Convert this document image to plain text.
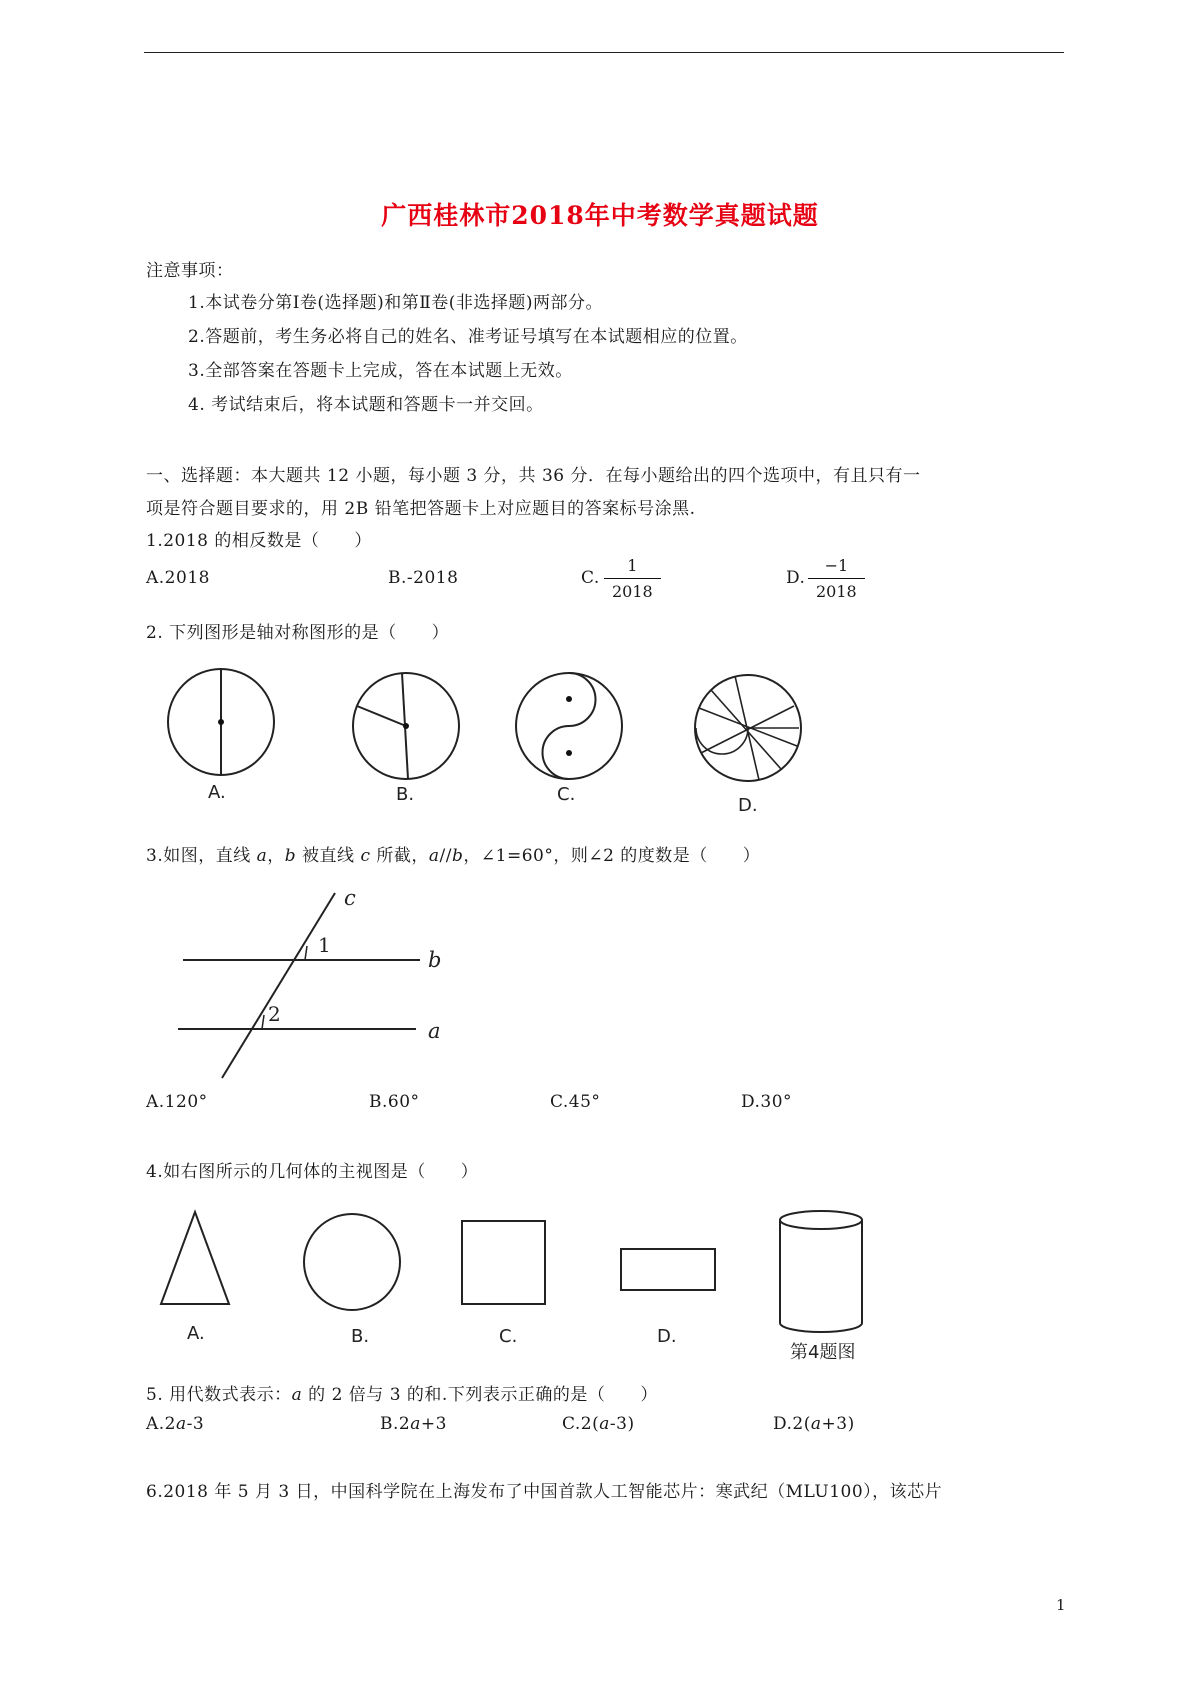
广西桂林市2018年中考数学真题试题
注意事项：
1.本试卷分第Ⅰ卷(选择题)和第Ⅱ卷(非选择题)两部分。
2.答题前，考生务必将自己的姓名、准考证号填写在本试题相应的位置。
3.全部答案在答题卡上完成，答在本试题上无效。
4. 考试结束后，将本试题和答题卡一并交回。
一、选择题：本大题共 12 小题，每小题 3 分，共 36 分．在每小题给出的四个选项中，有且只有一
项是符合题目要求的，用 2B 铅笔把答题卡上对应题目的答案标号涂黑.
1.2018 的相反数是（　　）
A.2018	B.-2018	C. $\frac{1}{2018}$	D. $\frac{-1}{2018}$
2. 下列图形是轴对称图形的是（　　）
A.	B.	C.
D.
3.如图，直线 a，b 被直线 c 所截，a//b，∠1=60°，则∠2 的度数是（　　）
c
b
a
1
2
A.120°	B.60°	C.45°	D.30°
4.如右图所示的几何体的主视图是（　　）
A.	B.	C.	D.
第4题图
5. 用代数式表示：a 的 2 倍与 3 的和.下列表示正确的是（　　）
A.2a-3	B.2a+3	C.2(a-3)	D.2(a+3)
6.2018 年 5 月 3 日，中国科学院在上海发布了中国首款人工智能芯片：寒武纪（MLU100），该芯片
1
